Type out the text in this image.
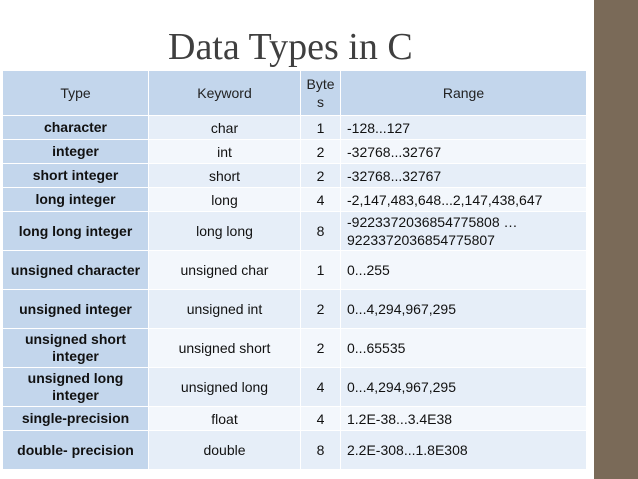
Data Types in C
Type	Keyword	Byte s	Range
character	char	1	-128...127
integer	int	2	-32768...32767
short integer	short	2	-32768...32767
long integer	long	4	-2,147,483,648...2,147,438,647
long long integer	long long	8	-9223372036854775808 … 9223372036854775807
unsigned character	unsigned char	1	0...255
unsigned integer	unsigned int	2	0...4,294,967,295
unsigned short integer	unsigned short	2	0...65535
unsigned long integer	unsigned long	4	0...4,294,967,295
single-precision	float	4	1.2E-38...3.4E38
double- precision	double	8	2.2E-308...1.8E308
